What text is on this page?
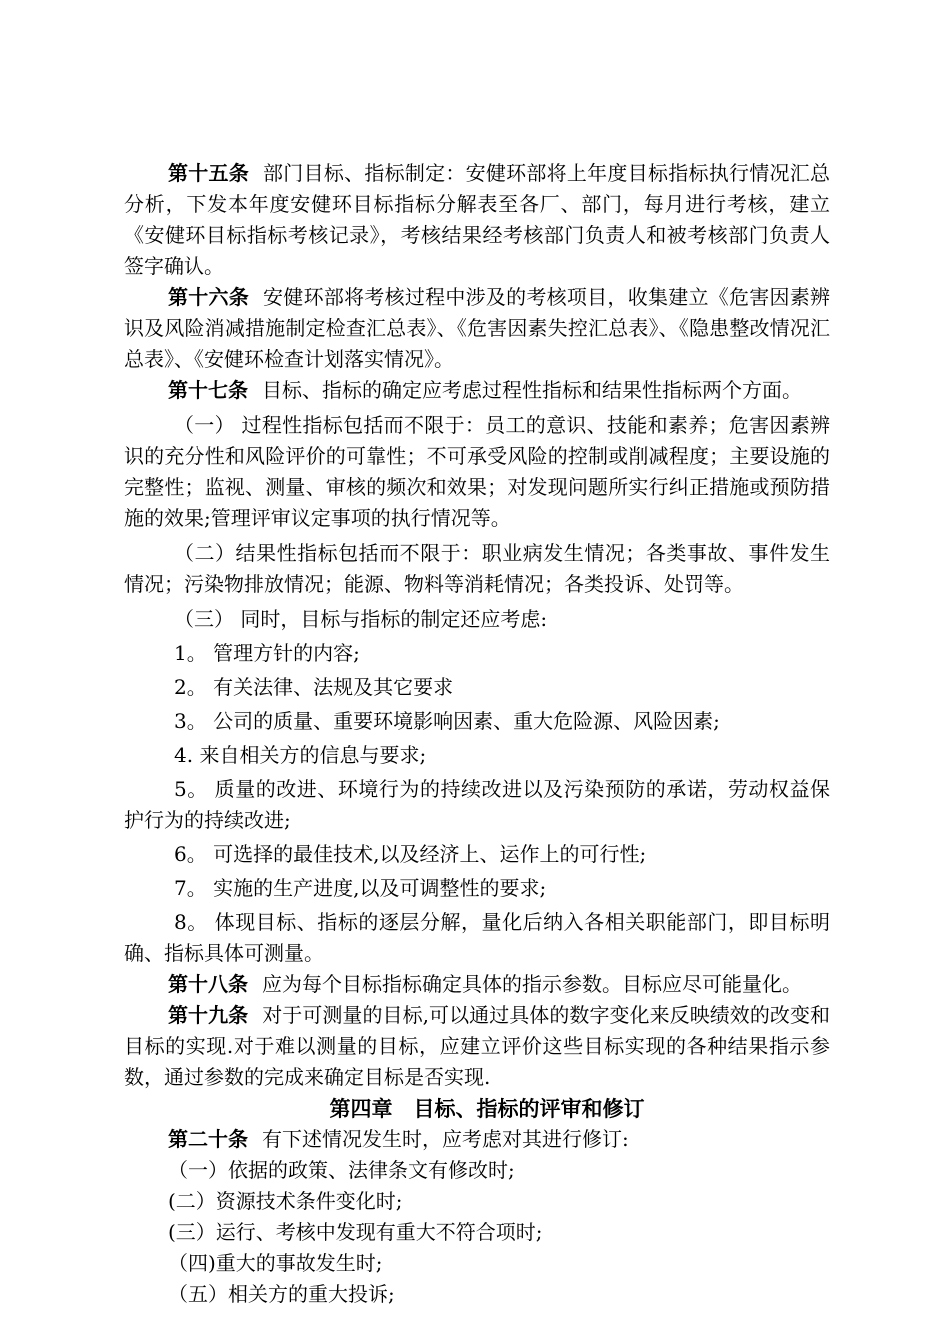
第十五条 部门目标、指标制定：安健环部将上年度目标指标执行情况汇总分析，下发本年度安健环目标指标分解表至各厂、部门，每月进行考核，建立《安健环目标指标考核记录》，考核结果经考核部门负责人和被考核部门负责人签字确认。

第十六条 安健环部将考核过程中涉及的考核项目，收集建立《危害因素辨识及风险消减措施制定检查汇总表》、《危害因素失控汇总表》、《隐患整改情况汇总表》、《安健环检查计划落实情况》。

第十七条 目标、指标的确定应考虑过程性指标和结果性指标两个方面。

（一） 过程性指标包括而不限于：员工的意识、技能和素养；危害因素辨识的充分性和风险评价的可靠性；不可承受风险的控制或削减程度；主要设施的完整性；监视、测量、审核的频次和效果；对发现问题所实行纠正措施或预防措施的效果;管理评审议定事项的执行情况等。

（二）结果性指标包括而不限于：职业病发生情况；各类事故、事件发生情况；污染物排放情况；能源、物料等消耗情况；各类投诉、处罚等。

（三） 同时，目标与指标的制定还应考虑:

1。 管理方针的内容;

2。 有关法律、法规及其它要求

3。 公司的质量、重要环境影响因素、重大危险源、风险因素;

4. 来自相关方的信息与要求;

5。 质量的改进、环境行为的持续改进以及污染预防的承诺，劳动权益保护行为的持续改进;

6。 可选择的最佳技术,以及经济上、运作上的可行性;

7。 实施的生产进度,以及可调整性的要求;

8。 体现目标、指标的逐层分解，量化后纳入各相关职能部门，即目标明确、指标具体可测量。

第十八条 应为每个目标指标确定具体的指示参数。目标应尽可能量化。

第十九条 对于可测量的目标,可以通过具体的数字变化来反映绩效的改变和目标的实现.对于难以测量的目标，应建立评价这些目标实现的各种结果指示参数，通过参数的完成来确定目标是否实现.

第四章　目标、指标的评审和修订

第二十条 有下述情况发生时，应考虑对其进行修订:

（一）依据的政策、法律条文有修改时;

(二）资源技术条件变化时;

(三）运行、考核中发现有重大不符合项时;

（四)重大的事故发生时;

（五）相关方的重大投诉;
